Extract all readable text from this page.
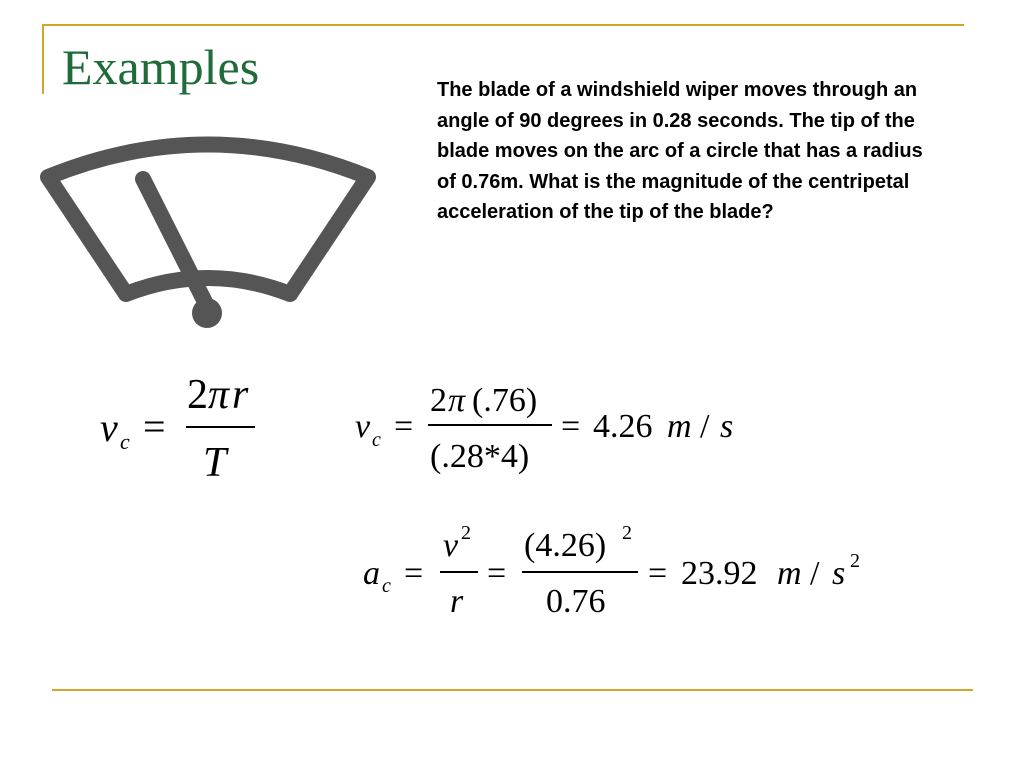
Examples	The blade of a windshield wiper moves through an angle of 90 degrees in 0.28 seconds. The tip of the blade moves on the arc of a circle that has a radius of 0.76m. What is the magnitude of the centripetal acceleration of the tip of the blade?
v c =
2 π r
T
v c =
2 π (.76)
(.28*4)
= 4.26 m / s
a c =
v 2
r
=
(4.26) 2
0.76
= 23.92 m / s 2
